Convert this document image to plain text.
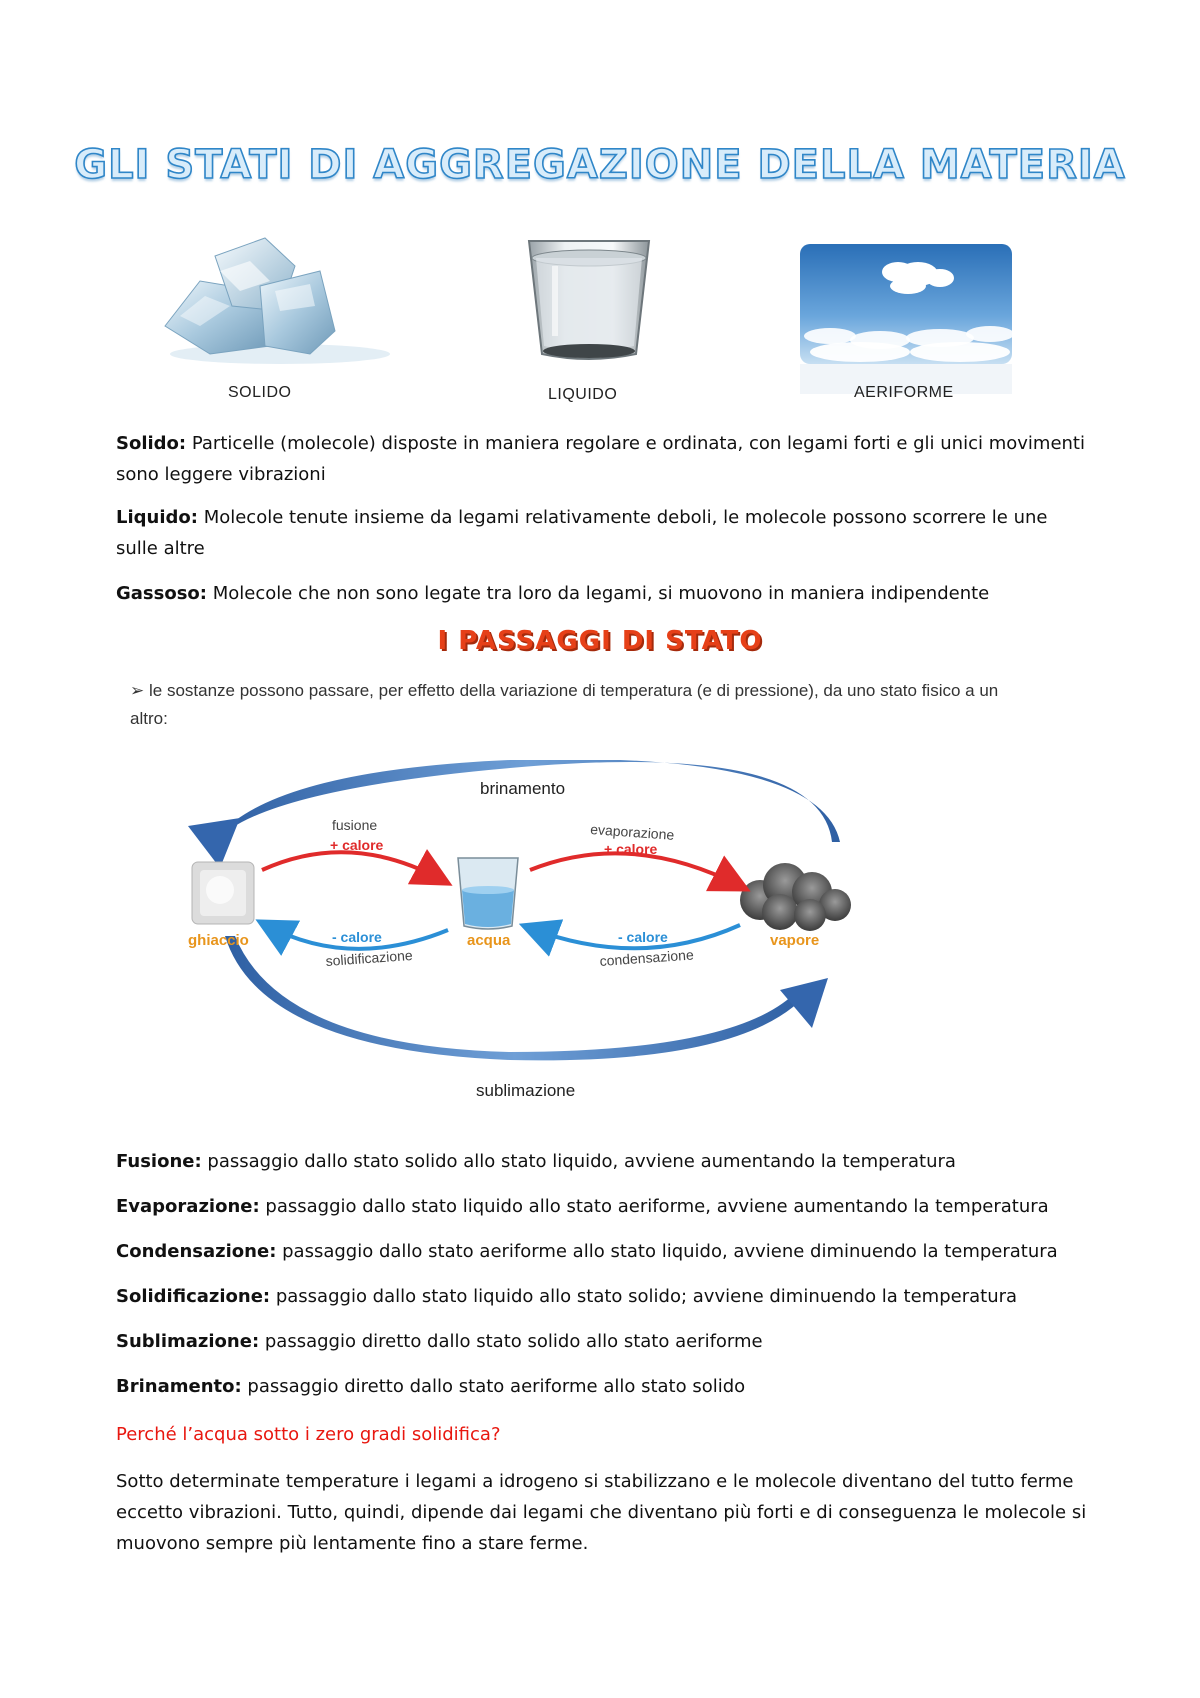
GLI STATI DI AGGREGAZIONE DELLA MATERIA
SOLIDO	LIQUIDO	AERIFORME
Solido: Particelle (molecole) disposte in maniera regolare e ordinata, con legami forti e gli unici movimenti sono leggere vibrazioni
Liquido: Molecole tenute insieme da legami relativamente deboli, le molecole possono scorrere le une sulle altre
Gassoso: Molecole che non sono legate tra loro da legami, si muovono in maniera indipendente
I PASSAGGI DI STATO
➢ le sostanze possono passare, per effetto della variazione di temperatura (e di pressione), da uno stato fisico a un altro:
brinamento
sublimazione
ghiaccio	acqua	vapore
fusione
+ calore
evaporazione
+ calore
- calore
solidificazione
- calore
condensazione
Fusione: passaggio dallo stato solido allo stato liquido, avviene aumentando la temperatura
Evaporazione: passaggio dallo stato liquido allo stato aeriforme, avviene aumentando la temperatura
Condensazione: passaggio dallo stato aeriforme allo stato liquido, avviene diminuendo la temperatura
Solidificazione: passaggio dallo stato liquido allo stato solido; avviene diminuendo la temperatura
Sublimazione: passaggio diretto dallo stato solido allo stato aeriforme
Brinamento: passaggio diretto dallo stato aeriforme allo stato solido
Perché l’acqua sotto i zero gradi solidifica?
Sotto determinate temperature i legami a idrogeno si stabilizzano e le molecole diventano del tutto ferme eccetto vibrazioni. Tutto, quindi, dipende dai legami che diventano più forti e di conseguenza le molecole si muovono sempre più lentamente fino a stare ferme.
